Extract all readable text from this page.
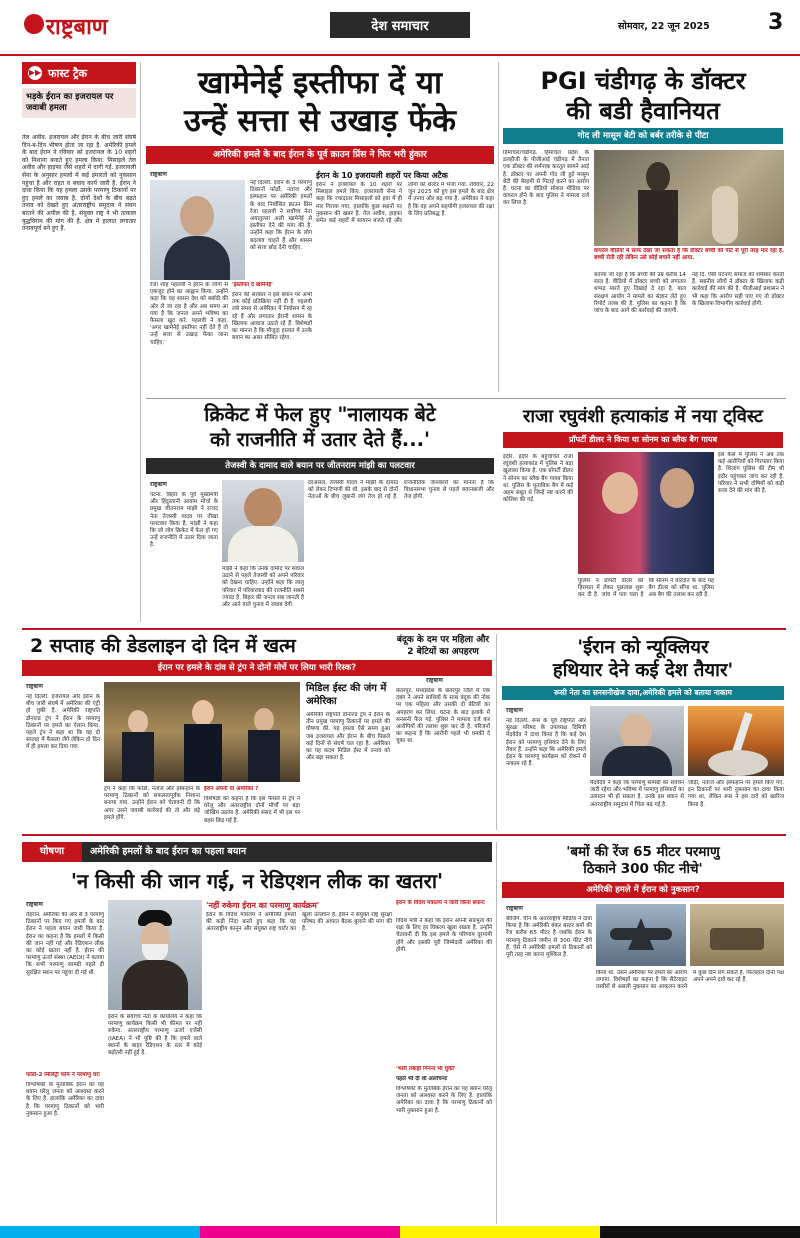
राष्ट्रबाण	देश समाचार	सोमवार, 22 जून 2025	3
▶▶ फास्ट ट्रैक
भड़के ईरान का इजरायल पर जवाबी हमला
तेल अवीव. इजरायल और ईरान के बीच जारी संघर्ष दिन-ब-दिन भीषण होता जा रहा है. अमेरिकी हमले के बाद ईरान ने रविवार को इजरायल के 10 शहरों को निशाना बनाते हुए हमला किया. मिसाइलें तेल अवीव और हाइफा जैसे शहरों में दागी गईं. इजरायली सेना के अनुसार हमलों में कई इमारतों को नुकसान पहुंचा है और राहत व बचाव कार्य जारी है. ईरान ने दावा किया कि यह हमला उसके परमाणु ठिकानों पर हुए हमले का जवाब है. दोनों देशों के बीच बढ़ते तनाव को देखते हुए अंतरराष्ट्रीय समुदाय ने संयम बरतने की अपील की है. संयुक्त राष्ट्र ने भी तत्काल युद्धविराम की मांग की है. क्षेत्र में हालात लगातार तनावपूर्ण बने हुए हैं.
खामेनेई इस्तीफा दें या
उन्हें सत्ता से उखाड़ फेंके
अमेरिकी हमले के बाद ईरान के पूर्व क्राउन प्रिंस ने फिर भरी हुंकार
राष्ट्रबाण
नई दिल्ली. ईरान के 3 परमाणु ठिकानों फोर्डो, नतांज और इस्फहान पर अमेरिकी हमलों के बाद निर्वासित क्राउन प्रिंस रेजा पहलवी ने सर्वोच्च नेता अयातुल्ला अली खामेनेई से इस्तीफा देने की मांग की है. उन्होंने कहा कि ईरान के लोग बदलाव चाहते हैं और शासन को सत्ता छोड़ देनी चाहिए.
रेजा शाह पहलवी ने ईरान के लोगों से एकजुट होने का आह्वान किया. उन्होंने कहा कि यह शासन देश को बर्बादी की ओर ले जा रहा है और अब समय आ गया है कि जनता अपने भविष्य का फैसला खुद करे. पहलवी ने कहा, 'अगर खामेनेई इस्तीफा नहीं देते हैं तो उन्हें सत्ता से उखाड़ फेंका जाना चाहिए.'
'इस्तीफा दें खामेनेई'
ईरान की सरकार ने इस बयान पर अभी तक कोई प्रतिक्रिया नहीं दी है. पहलवी लंबे समय से अमेरिका में निर्वासन में रह रहे हैं और लगातार ईरानी शासन के खिलाफ आवाज उठाते रहे हैं. विशेषज्ञों का मानना है कि मौजूदा हालात में उनके बयान का असर सीमित रहेगा.
ईरान के 10 इजरायली शहरों पर किया अटैक
ईरान ने इजरायल के 10 शहरों पर मिसाइल हमले किए. इजरायली सेना ने कहा कि ज्यादातर मिसाइलों को हवा में ही मार गिराया गया. हालांकि कुछ स्थानों पर नुकसान की खबर है. तेल अवीव, हाइफा समेत कई शहरों में सायरन बजते रहे और लोगों को शेल्टर में भेजा गया. रविवार, 22 जून 2025 को हुए इस हमले के बाद क्षेत्र में तनाव और बढ़ गया है. अमेरिका ने कहा है कि वह अपने सहयोगी इजरायल की रक्षा के लिए प्रतिबद्ध है.
PGI चंडीगढ़ के डॉक्टर
की बडी हैवानियत
गोद ली मासूम बेटी को बर्बर तरीके से पीटा
हिमाचल/चंडीगढ़. हिमाचल प्रदेश के डलहौजी के पीजीआई चंडीगढ़ में तैनात एक डॉक्टर की शर्मनाक करतूत सामने आई है. डॉक्टर पर अपनी गोद ली हुई मासूम बेटी की बेरहमी से पिटाई करने का आरोप है. घटना का वीडियो सोशल मीडिया पर वायरल होने के बाद पुलिस ने मामला दर्ज कर लिया है.
वायरल वीडियो में साफ देखा जा सकता है कि डॉक्टर बच्ची को पीटे से पूरी तरह मार रहा है. बच्ची रोती रही लेकिन उसे कोई बचाने नहीं आया.
बताया जा रहा है कि बच्ची की उम्र करीब 14 साल है. वीडियो में डॉक्टर बच्ची को लगातार थप्पड़ मारते हुए दिखाई दे रहा है. बाल संरक्षण आयोग ने मामले का संज्ञान लेते हुए रिपोर्ट तलब की है. पुलिस का कहना है कि जांच के बाद आगे की कार्रवाई की जाएगी.
नई दि. ऐसी घटनाएं समाज को शर्मसार करती हैं. स्थानीय लोगों ने डॉक्टर के खिलाफ कड़ी कार्रवाई की मांग की है. पीजीआई प्रशासन ने भी कहा कि आरोप सही पाए गए तो डॉक्टर के खिलाफ विभागीय कार्रवाई होगी.
क्रिकेट में फेल हुए "नालायक बेटे
को राजनीति में उतार देते हैं...'
तेजस्वी के दामाद वाले बयान पर जीतनराम मांझी का पलटवार
राष्ट्रबाण
पटना. बिहार के पूर्व मुख्यमंत्री और हिंदुस्तानी आवाम मोर्चा के प्रमुख जीतनराम मांझी ने राजद नेता तेजस्वी यादव पर तीखा पलटवार किया है. मांझी ने कहा कि जो लोग क्रिकेट में फेल हो गए उन्हें राजनीति में उतार दिया जाता है.
मांझी ने कहा कि उनके दामाद पर सवाल उठाने से पहले तेजस्वी को अपने परिवार को देखना चाहिए. उन्होंने कहा कि लालू परिवार में परिवारवाद की राजनीति सबसे ज्यादा है. बिहार की जनता सब जानती है और आने वाले चुनाव में जवाब देगी.
दरअसल, तेजस्वी यादव ने मांझी के दामाद को लेकर टिप्पणी की थी. इसके बाद से दोनों नेताओं के बीच जुबानी जंग तेज हो गई है. राजनीतिक जानकारों का मानना है कि विधानसभा चुनाव से पहले बयानबाजी और तेज होगी.
राजा रघुवंशी हत्याकांड में नया ट्विस्ट
प्रॉपर्टी डीलर ने किया था सोनम का ब्लैक बैग गायब
इंदौर. इंदौर के बहुचर्चित राजा रघुवंशी हत्याकांड में पुलिस ने बड़ा खुलासा किया है. एक प्रॉपर्टी डीलर ने सोनम का ब्लैक बैग गायब किया था. पुलिस के मुताबिक बैग में कई अहम सबूत थे जिन्हें नष्ट करने की कोशिश की गई.
पुलिस ने प्रॉपर्टी डीलर को हिरासत में लेकर पूछताछ शुरू कर दी है. जांच में पता चला है कि सोनम ने वारदात के बाद यह बैग डीलर को सौंपा था. पुलिस अब बैग की तलाश कर रही है.
इस केस में पुलिस ने अब तक कई आरोपियों को गिरफ्तार किया है. शिलांग पुलिस की टीम भी इंदौर पहुंचकर जांच कर रही है. परिवार ने सभी दोषियों को कड़ी सजा देने की मांग की है.
2 सप्ताह की डेडलाइन दो दिन में खत्म
ईरान पर हमले के दांव से ट्रंप ने दोनों मोर्चे पर लिया भारी रिस्क?
राष्ट्रबाण
नई दिल्ली. इजरायल और ईरान के बीच जारी संघर्ष में अमेरिका की एंट्री हो चुकी है. अमेरिकी राष्ट्रपति डोनाल्ड ट्रंप ने ईरान के परमाणु ठिकानों पर हमले का ऐलान किया. पहले ट्रंप ने कहा था कि वह दो सप्ताह में फैसला लेंगे लेकिन दो दिन में ही हमला कर दिया गया.
ट्रंप ने कहा कि फोर्डो, नतांज और इस्फहान के परमाणु ठिकानों को सफलतापूर्वक निशाना बनाया गया. उन्होंने ईरान को चेतावनी दी कि अगर उसने जवाबी कार्रवाई की तो और बड़े हमले होंगे.
ईरान अपनी या अमेरिका ?
विशेषज्ञों का कहना है कि इस फैसले से ट्रंप ने घरेलू और अंतरराष्ट्रीय दोनों मोर्चों पर बड़ा जोखिम उठाया है. अमेरिकी संसद में भी इस पर बहस छिड़ गई है.
मिडिल ईस्ट की जंग में अमेरिका
अमेरिकी राष्ट्रपति डोनाल्ड ट्रंप ने ईरान के तीन प्रमुख परमाणु ठिकानों पर हमले की घोषणा की. यह हमला ऐसे समय हुआ जब इजरायल और ईरान के बीच पिछले कई दिनों से संघर्ष चल रहा है. अमेरिका का यह कदम मिडिल ईस्ट में तनाव को और बढ़ा सकता है.
बंदूक के दम पर महिला और 2 बेटियों का अपहरण
राष्ट्रबाण
छतरपुर. मध्यप्रदेश के छतरपुर जिले में एक दबंग ने अपने साथियों के साथ बंदूक की नोक पर एक महिला और उसकी दो बेटियों का अपहरण कर लिया. घटना के बाद इलाके में सनसनी फैल गई. पुलिस ने मामला दर्ज कर आरोपियों की तलाश शुरू कर दी है. परिजनों का कहना है कि आरोपी पहले भी धमकी दे चुका था.
'ईरान को न्यूक्लियर
हथियार देने कई देश तैयार'
रूसी नेता का सनसनीखेज दावा,अमेरिकी हमले को बताया नाकाम
राष्ट्रबाण
नई दिल्ली. रूस के पूर्व राष्ट्रपति और सुरक्षा परिषद के उपाध्यक्ष दिमित्री मेदवेदेव ने दावा किया है कि कई देश ईरान को परमाणु हथियार देने के लिए तैयार हैं. उन्होंने कहा कि अमेरिकी हमले ईरान के परमाणु कार्यक्रम को रोकने में नाकाम रहे हैं.
मेदवेदेव ने कहा कि परमाणु सामग्री का संवर्धन जारी रहेगा और भविष्य में परमाणु हथियारों का उत्पादन भी हो सकता है. उनके इस बयान से अंतरराष्ट्रीय समुदाय में चिंता बढ़ गई है.
जोड़ी, नतांज और इस्फहान पर हमले किए गए. इन ठिकानों पर भारी नुकसान का दावा किया गया था, लेकिन रूस ने इस दावे को खारिज किया है.
घोषणा	अमेरिकी हमलों के बाद ईरान का पहला बयान
'न किसी की जान गई, न रेडिएशन लीक का खतरा'
राष्ट्रबाण
तेहरान. अमेरिका की ओर से 3 परमाणु ठिकानों पर किए गए हमलों के बाद ईरान ने पहला बयान जारी किया है. ईरान का कहना है कि हमलों में किसी की जान नहीं गई और रेडिएशन लीक का कोई खतरा नहीं है. ईरान की परमाणु ऊर्जा संस्था (AEOI) ने बताया कि सभी परमाणु सामग्री पहले ही सुरक्षित स्थान पर पहुंचा दी गई थी.
फोर्डो-2 मिलिट्री फॉर्म ने परमाणु घरः
विश्लेषकों के मुताबिक ईरान का यह बयान घरेलू जनता को आश्वस्त करने के लिए है. हालांकि अमेरिका का दावा है कि परमाणु ठिकानों को भारी नुकसान हुआ है.
ईरान के सर्वोच्च नेता के कार्यालय ने कहा कि परमाणु कार्यक्रम किसी भी कीमत पर नहीं रुकेगा. अंतरराष्ट्रीय परमाणु ऊर्जा एजेंसी (IAEA) ने भी पुष्टि की है कि हमले वाले स्थानों के बाहर रेडिएशन के स्तर में कोई बढ़ोतरी नहीं हुई है.
'नहीं रुकेगा ईरान का परमाणु कार्यक्रम'
ईरान के विदेश मंत्रालय ने अमेरिकी हमलों की कड़ी निंदा करते हुए कहा कि यह अंतरराष्ट्रीय कानून और संयुक्त राष्ट्र चार्टर का खुला उल्लंघन है. ईरान ने संयुक्त राष्ट्र सुरक्षा परिषद की आपात बैठक बुलाने की मांग की है.
ईरान के विदेश मंत्रालय ने जारी किया बयानः
विदेश मंत्री ने कहा कि ईरान अपनी संप्रभुता की रक्षा के लिए हर विकल्प खुला रखता है. उन्होंने चेतावनी दी कि इस हमले के परिणाम दूरगामी होंगे और इसकी पूरी जिम्मेदारी अमेरिका की होगी.
'भारी तबाही गिनना भी चुकी'
पहले भी दी थी अलोचनाः
विश्लेषकों के मुताबिक ईरान का यह बयान घरेलू जनता को आश्वस्त करने के लिए है. हालांकि अमेरिका का दावा है कि परमाणु ठिकानों को भारी नुकसान हुआ है.
'बमों की रेंज 65 मीटर परमाणु
ठिकाने 300 फीट नीचे'
अमेरिकी हमले में ईरान को नुकसान?
राष्ट्रबाण
बीजिंग. चीन के अंतरराष्ट्रीय मीडिया ने दावा किया है कि अमेरिकी बंकर बस्टर बमों की रेंज करीब 65 मीटर है जबकि ईरान के परमाणु ठिकाने जमीन से 300 फीट नीचे हैं. ऐसे में अमेरिकी हमलों से ठिकानों को पूरी तरह नष्ट करना मुश्किल है.
किया था. उसने अमेरिका पर हमले का आरोप लगाया. विशेषज्ञों का कहना है कि सैटेलाइट तस्वीरों से असली नुकसान का आकलन करने में कुछ दिन लग सकते हैं. फिलहाल दोनों पक्ष अपने अपने दावे कर रहे हैं.
